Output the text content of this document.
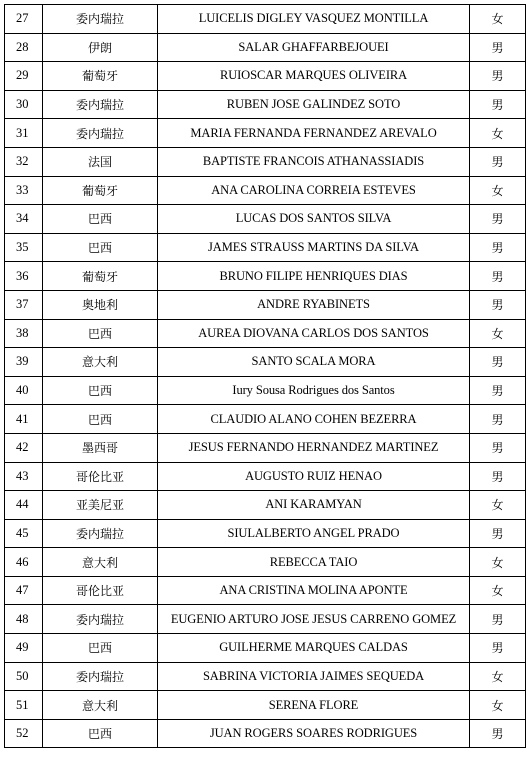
27	委内瑞拉	LUICELIS DIGLEY VASQUEZ MONTILLA	女
28	伊朗	SALAR GHAFFARBEJOUEI	男
29	葡萄牙	RUIOSCAR MARQUES OLIVEIRA	男
30	委内瑞拉	RUBEN JOSE GALINDEZ SOTO	男
31	委内瑞拉	MARIA FERNANDA FERNANDEZ AREVALO	女
32	法国	BAPTISTE FRANCOIS ATHANASSIADIS	男
33	葡萄牙	ANA CAROLINA CORREIA ESTEVES	女
34	巴西	LUCAS DOS SANTOS SILVA	男
35	巴西	JAMES STRAUSS MARTINS DA SILVA	男
36	葡萄牙	BRUNO FILIPE HENRIQUES DIAS	男
37	奥地利	ANDRE RYABINETS	男
38	巴西	AUREA DIOVANA CARLOS DOS SANTOS	女
39	意大利	SANTO SCALA MORA	男
40	巴西	Iury Sousa Rodrigues dos Santos	男
41	巴西	CLAUDIO ALANO COHEN BEZERRA	男
42	墨西哥	JESUS FERNANDO HERNANDEZ MARTINEZ	男
43	哥伦比亚	AUGUSTO RUIZ HENAO	男
44	亚美尼亚	ANI KARAMYAN	女
45	委内瑞拉	SIULALBERTO ANGEL PRADO	男
46	意大利	REBECCA TAIO	女
47	哥伦比亚	ANA CRISTINA MOLINA APONTE	女
48	委内瑞拉	EUGENIO ARTURO JOSE JESUS CARRENO GOMEZ	男
49	巴西	GUILHERME MARQUES CALDAS	男
50	委内瑞拉	SABRINA VICTORIA JAIMES SEQUEDA	女
51	意大利	SERENA FLORE	女
52	巴西	JUAN ROGERS SOARES RODRIGUES	男
